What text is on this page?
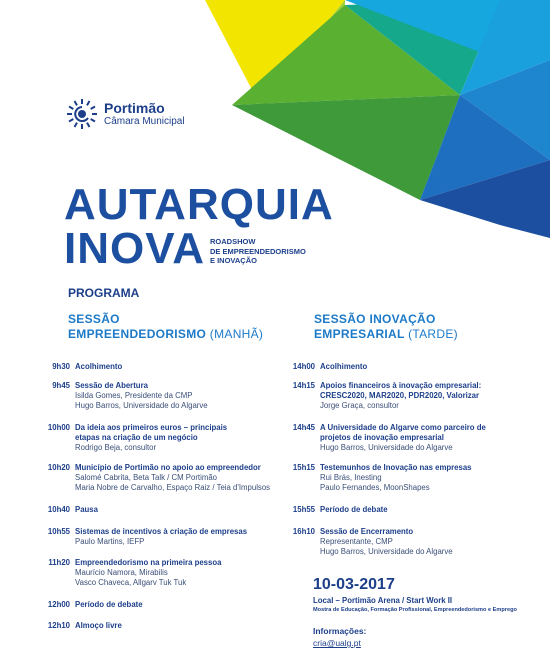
Portimão
Câmara Municipal
AUTARQUIA
INOVA ROADSHOW
DE EMPREENDEDORISMO
E INOVAÇÃO
PROGRAMA
SESSÃO
EMPREENDEDORISMO (MANHÃ)
SESSÃO INOVAÇÃO
EMPRESARIAL (TARDE)
9h30 Acolhimento
9h45 Sessão de Abertura
Isilda Gomes, Presidente da CMP
Hugo Barros, Universidade do Algarve
10h00 Da ideia aos primeiros euros – principais
etapas na criação de um negócio
Rodrigo Beja, consultor
10h20 Município de Portimão no apoio ao empreendedor
Salomé Cabrita, Beta Talk / CM Portimão
Maria Nobre de Carvalho, Espaço Raiz / Teia d'Impulsos
10h40 Pausa
10h55 Sistemas de incentivos à criação de empresas
Paulo Martins, IEFP
11h20 Empreendedorismo na primeira pessoa
Maurício Namora, Mirabilis
Vasco Chaveca, Allgarv Tuk Tuk
12h00 Período de debate
12h10 Almoço livre
14h00 Acolhimento
14h15 Apoios financeiros à inovação empresarial:
CRESC2020, MAR2020, PDR2020, Valorizar
Jorge Graça, consultor
14h45 A Universidade do Algarve como parceiro de
projetos de inovação empresarial
Hugo Barros, Universidade do Algarve
15h15 Testemunhos de Inovação nas empresas
Rui Brás, Inesting
Paulo Fernandes, MoonShapes
15h55 Período de debate
16h10 Sessão de Encerramento
Representante, CMP
Hugo Barros, Universidade do Algarve
10-03-2017
Local – Portimão Arena / Start Work II
Mostra de Educação, Formação Profissional, Empreendedorismo e Emprego
Informações:
cria@ualg.pt
